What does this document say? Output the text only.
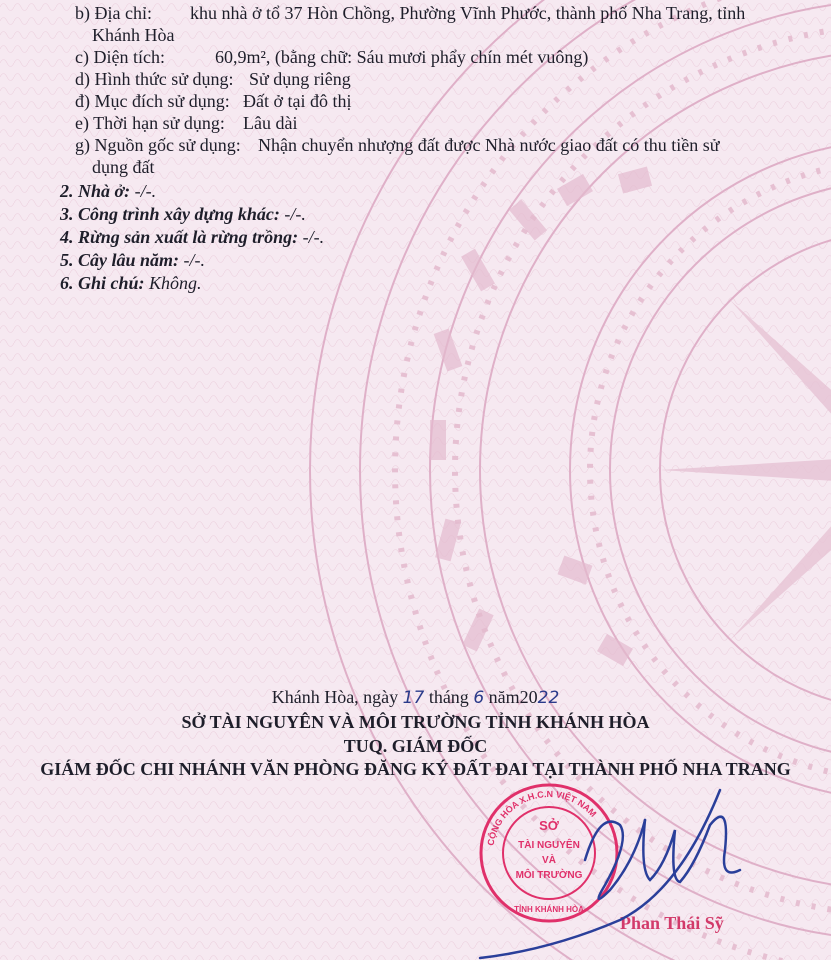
b) Địa chỉ: khu nhà ở tổ 37 Hòn Chồng, Phường Vĩnh Phước, thành phố Nha Trang, tỉnh
Khánh Hòa
c) Diện tích:	60,9m², (bằng chữ: Sáu mươi phẩy chín mét vuông)
d) Hình thức sử dụng: Sử dụng riêng
đ) Mục đích sử dụng: Đất ở tại đô thị
e) Thời hạn sử dụng: Lâu dài
g) Nguồn gốc sử dụng: Nhận chuyển nhượng đất được Nhà nước giao đất có thu tiền sử
dụng đất
2. Nhà ở: -/-.
3. Công trình xây dựng khác: -/-.
4. Rừng sản xuất là rừng trồng: -/-.
5. Cây lâu năm: -/-.
6. Ghi chú: Không.
Khánh Hòa, ngày 17 tháng 6 năm2022
SỞ TÀI NGUYÊN VÀ MÔI TRƯỜNG TỈNH KHÁNH HÒA
TUQ. GIÁM ĐỐC
GIÁM ĐỐC CHI NHÁNH VĂN PHÒNG ĐĂNG KÝ ĐẤT ĐAI TẠI THÀNH PHỐ NHA TRANG
Phan Thái Sỹ
CỘNG HÒA X.H.C.N VIỆT NAM
TỈNH KHÁNH HÒA
SỞ
TÀI NGUYÊN
VÀ
MÔI TRƯỜNG
